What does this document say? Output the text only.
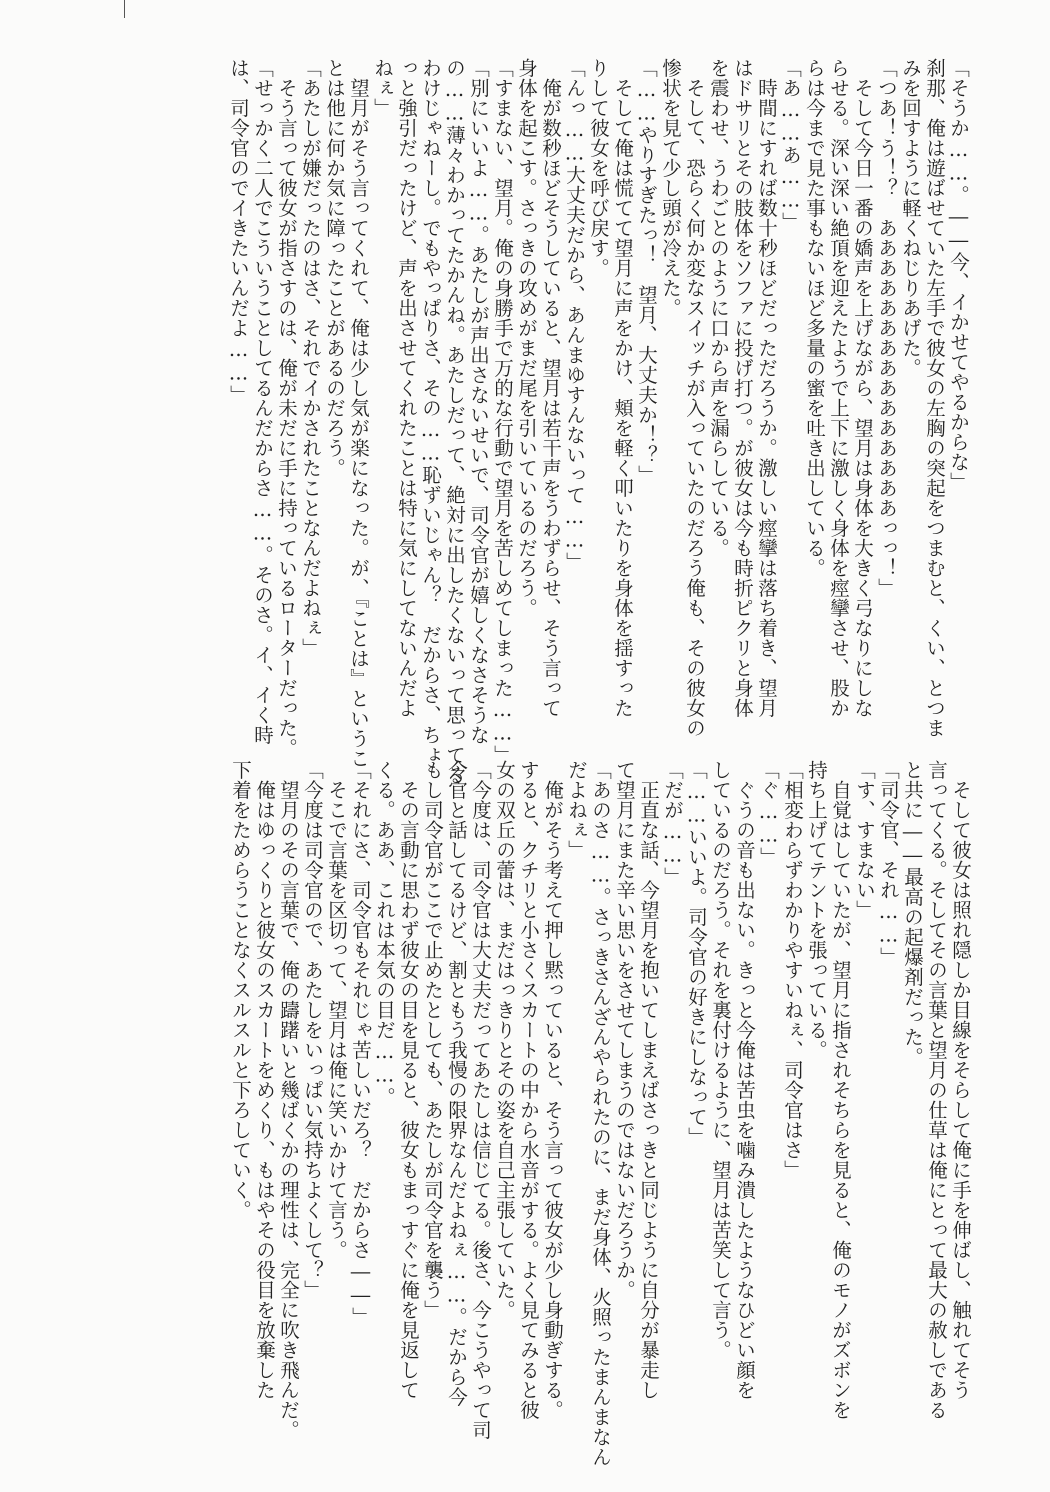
「そうか……。――今、イかせてやるからな」
刹那、俺は遊ばせていた左手で彼女の左胸の突起をつまむと、くい、とつま
みを回すように軽くねじりあげた。
「つあ！う！？　あああああああああああああああっっ！」
　そして今日一番の嬌声を上げながら、望月は身体を大きく弓なりにしな
らせる。深い深い絶頂を迎えたようで上下に激しく身体を痙攣させ、股か
らは今まで見た事もないほど多量の蜜を吐き出している。
「あ……あ……」
　時間にすれば数十秒ほどだっただろうか。激しい痙攣は落ち着き、望月
はドサリとその肢体をソファに投げ打つ。が彼女は今も時折ピクリと身体
を震わせ、うわごとのように口から声を漏らしている。
　そして、恐らく何か変なスイッチが入っていたのだろう俺も、その彼女の
惨状を見て少し頭が冷えた。
「……やりすぎたっ！　望月、大丈夫か！？」
　そして俺は慌てて望月に声をかけ、頬を軽く叩いたりを身体を揺すった
りして彼女を呼び戻す。
「んっ……大丈夫だから、あんまゆすんないって……」
　俺が数秒ほどそうしていると、望月は若干声をうわずらせ、そう言って
身体を起こす。さっきの攻めがまだ尾を引いているのだろう。
「すまない、望月。俺の身勝手で万的な行動で望月を苦しめてしまった……」
「別にいいよ……。あたしが声出さないせいで、司令官が嬉しくなさそうな
の……薄々わかってたかんね。あたしだって、絶対に出したくないって思ってる
わけじゃねーし。でもやっぱりさ、その……恥ずいじゃん？　だからさ、ちょ
っと強引だったけど、声を出させてくれたことは特に気にしてないんだよ
ねぇ」
　望月がそう言ってくれて、俺は少し気が楽になった。が、『ことは』というこ
とは他に何か気に障ったことがあるのだろう。
「あたしが嫌だったのはさ、それでイかされたことなんだよねぇ」
　そう言って彼女が指さすのは、俺が未だに手に持っているローターだった。
「せっかく二人でこういうことしてるんだからさ……。そのさ。イ、イく時
は、司令官のでイきたいんだよ……」
　そして彼女は照れ隠しか目線をそらして俺に手を伸ばし、触れてそう
言ってくる。そしてその言葉と望月の仕草は俺にとって最大の赦しである
と共に――最高の起爆剤だった。
「司令官、それ……」
「す、すまない」
　自覚はしていたが、望月に指されそちらを見ると、俺のモノがズボンを
持ち上げてテントを張っている。
「相変わらずわかりやすいねぇ、司令官はさ」
「ぐ……」
　ぐうの音も出ない。きっと今俺は苦虫を噛み潰したようなひどい顔を
しているのだろう。それを裏付けるように、望月は苦笑して言う。
「……いいよ。司令官の好きにしなって」
「だが……」
　正直な話、今望月を抱いてしまえばさっきと同じように自分が暴走し
て望月にまた辛い思いをさせてしまうのではないだろうか。
「あのさ……。さっきさんざんやられたのに、まだ身体、火照ったまんまなん
だよねぇ」
　俺がそう考えて押し黙っていると、そう言って彼女が少し身動ぎする。
すると、クチリと小さくスカートの中から水音がする。よく見てみると彼
女の双丘の蕾は、まだはっきりとその姿を自己主張していた。
「今度は、司令官は大丈夫だってあたしは信じてる。後さ、今こうやって司
令官と話してるけど、割ともう我慢の限界なんだよねぇ……。だから今
もし司令官がここで止めたとしても、あたしが司令官を襲う」
　その言動に思わず彼女の目を見ると、彼女もまっすぐに俺を見返して
くる。ああ、これは本気の目だ……。
「それにさ、司令官もそれじゃ苦しいだろ？　だからさ――」
　そこで言葉を区切って、望月は俺に笑いかけて言う。
「今度は司令官ので、あたしをいっぱい気持ちよくして？」
　望月のその言葉で、俺の躊躇いと幾ばくかの理性は、完全に吹き飛んだ。
　俺はゆっくりと彼女のスカートをめくり、もはやその役目を放棄した
下着をためらうことなくスルスルと下ろしていく。
